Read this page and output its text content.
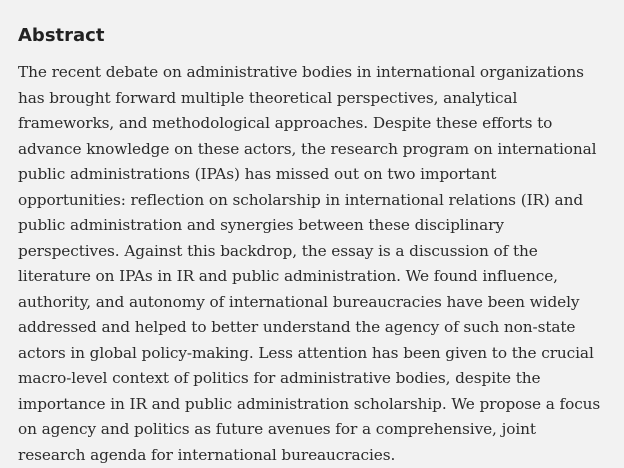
Abstract

The recent debate on administrative bodies in international organizations has brought forward multiple theoretical perspectives, analytical frameworks, and methodological approaches. Despite these efforts to advance knowledge on these actors, the research program on international public administrations (IPAs) has missed out on two important opportunities: reflection on scholarship in international relations (IR) and public administration and synergies between these disciplinary perspectives. Against this backdrop, the essay is a discussion of the literature on IPAs in IR and public administration. We found influence, authority, and autonomy of international bureaucracies have been widely addressed and helped to better understand the agency of such non-state actors in global policy-making. Less attention has been given to the crucial macro-level context of politics for administrative bodies, despite the importance in IR and public administration scholarship. We propose a focus on agency and politics as future avenues for a comprehensive, joint research agenda for international bureaucracies.
